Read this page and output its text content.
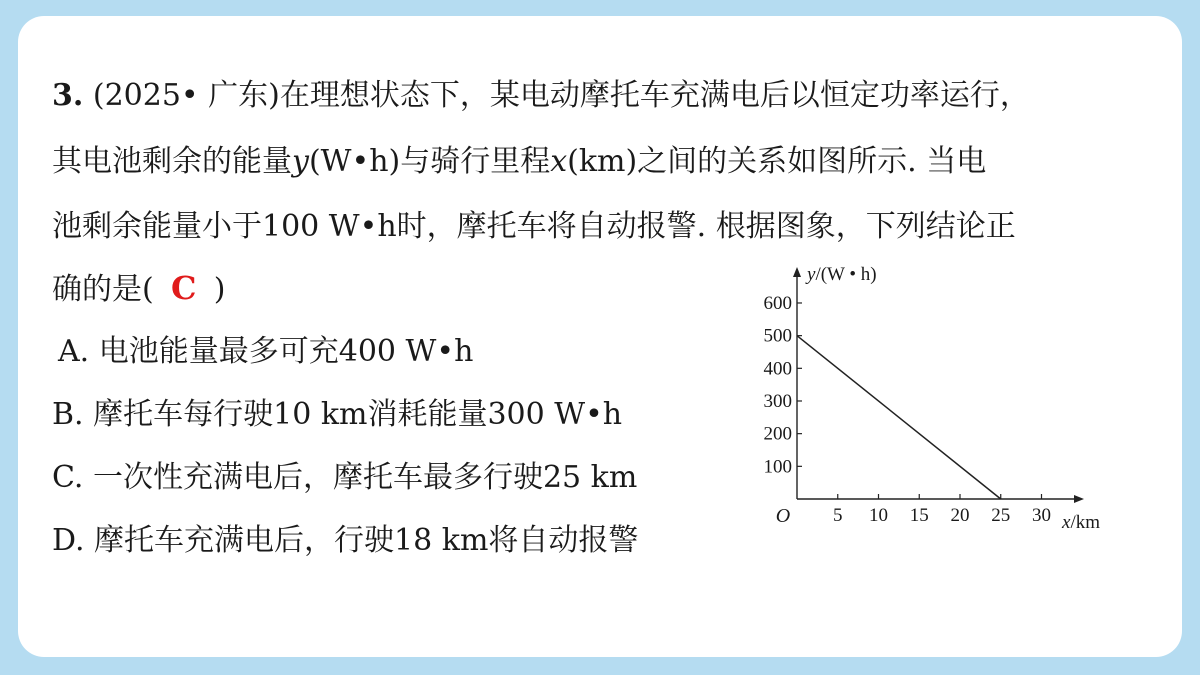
3. (2025• 广东)在理想状态下，某电动摩托车充满电后以恒定功率运行，
其电池剩余的能量y(W•h)与骑行里程x(km)之间的关系如图所示. 当电
池剩余能量小于100 W•h时，摩托车将自动报警. 根据图象，下列结论正
确的是( C )
A. 电池能量最多可充400 W•h
B. 摩托车每行驶10 km消耗能量300 W•h
C. 一次性充满电后，摩托车最多行驶25 km
D. 摩托车充满电后，行驶18 km将自动报警
5 10 15 20 25 30
100
200
300
400
500
600
O	x/km
y/(W • h)
